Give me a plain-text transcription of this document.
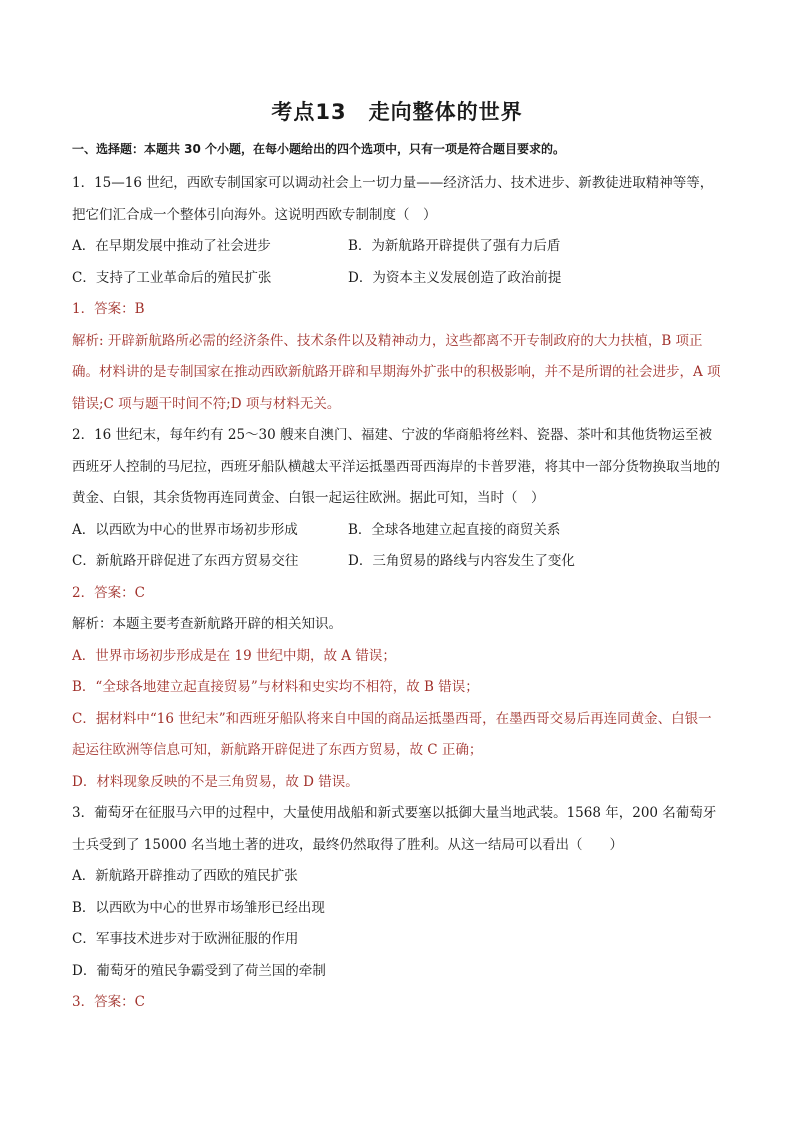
考点13　走向整体的世界
一、选择题：本题共 30 个小题，在每小题给出的四个选项中，只有一项是符合题目要求的。

1．15—16 世纪，西欧专制国家可以调动社会上一切力量——经济活力、技术进步、新教徒进取精神等等，把它们汇合成一个整体引向海外。这说明西欧专制制度（　）

A．在早期发展中推动了社会进步	B．为新航路开辟提供了强有力后盾
C．支持了工业革命后的殖民扩张	D．为资本主义发展创造了政治前提

1．答案：B

解析: 开辟新航路所必需的经济条件、技术条件以及精神动力，这些都离不开专制政府的大力扶植，B 项正确。材料讲的是专制国家在推动西欧新航路开辟和早期海外扩张中的积极影响，并不是所谓的社会进步，A 项错误;C 项与题干时间不符;D 项与材料无关。

2．16 世纪末，每年约有 25～30 艘来自澳门、福建、宁波的华商船将丝料、瓷器、茶叶和其他货物运至被西班牙人控制的马尼拉，西班牙船队横越太平洋运抵墨西哥西海岸的卡普罗港，将其中一部分货物换取当地的黄金、白银，其余货物再连同黄金、白银一起运往欧洲。据此可知，当时（　）

A．以西欧为中心的世界市场初步形成	B．全球各地建立起直接的商贸关系
C．新航路开辟促进了东西方贸易交往	D．三角贸易的路线与内容发生了变化

2．答案：C

解析：本题主要考查新航路开辟的相关知识。

A．世界市场初步形成是在 19 世纪中期，故 A 错误；

B．“全球各地建立起直接贸易”与材料和史实均不相符，故 B 错误；

C．据材料中“16 世纪末”和西班牙船队将来自中国的商品运抵墨西哥，在墨西哥交易后再连同黄金、白银一起运往欧洲等信息可知，新航路开辟促进了东西方贸易，故 C 正确；

D．材料现象反映的不是三角贸易，故 D 错误。

3．葡萄牙在征服马六甲的过程中，大量使用战船和新式要塞以抵御大量当地武装。1568 年，200 名葡萄牙士兵受到了 15000 名当地土著的进攻，最终仍然取得了胜利。从这一结局可以看出（　　）

A．新航路开辟推动了西欧的殖民扩张

B．以西欧为中心的世界市场雏形已经出现

C．军事技术进步对于欧洲征服的作用

D．葡萄牙的殖民争霸受到了荷兰国的牵制

3．答案：C
